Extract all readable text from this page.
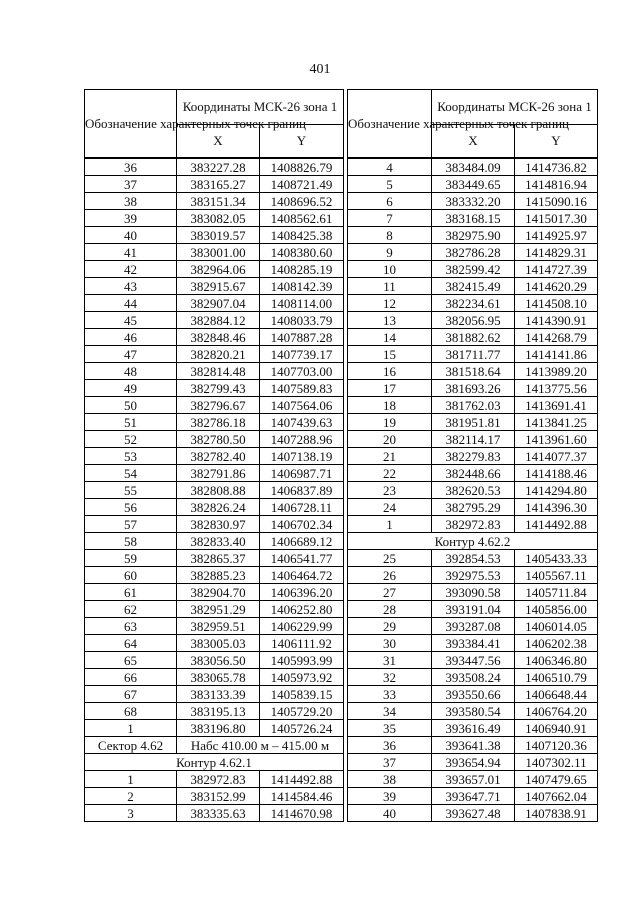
401
Обозначение характерных точек границ	Координаты МСК-26 зона 1	
	X	Y
36	383227.28	1408826.79
37	383165.27	1408721.49
38	383151.34	1408696.52
39	383082.05	1408562.61
40	383019.57	1408425.38
41	383001.00	1408380.60
42	382964.06	1408285.19
43	382915.67	1408142.39
44	382907.04	1408114.00
45	382884.12	1408033.79
46	382848.46	1407887.28
47	382820.21	1407739.17
48	382814.48	1407703.00
49	382799.43	1407589.83
50	382796.67	1407564.06
51	382786.18	1407439.63
52	382780.50	1407288.96
53	382782.40	1407138.19
54	382791.86	1406987.71
55	382808.88	1406837.89
56	382826.24	1406728.11
57	382830.97	1406702.34
58	382833.40	1406689.12
59	382865.37	1406541.77
60	382885.23	1406464.72
61	382904.70	1406396.20
62	382951.29	1406252.80
63	382959.51	1406229.99
64	383005.03	1406111.92
65	383056.50	1405993.99
66	383065.78	1405973.92
67	383133.39	1405839.15
68	383195.13	1405729.20
1	383196.80	1405726.24
Сектор 4.62	Набс 410.00 м – 415.00 м	
Контур 4.62.1		
1	382972.83	1414492.88
2	383152.99	1414584.46
3	383335.63	1414670.98
Обозначение характерных точек границ	Координаты МСК-26 зона 1	
	X	Y
4	383484.09	1414736.82
5	383449.65	1414816.94
6	383332.20	1415090.16
7	383168.15	1415017.30
8	382975.90	1414925.97
9	382786.28	1414829.31
10	382599.42	1414727.39
11	382415.49	1414620.29
12	382234.61	1414508.10
13	382056.95	1414390.91
14	381882.62	1414268.79
15	381711.77	1414141.86
16	381518.64	1413989.20
17	381693.26	1413775.56
18	381762.03	1413691.41
19	381951.81	1413841.25
20	382114.17	1413961.60
21	382279.83	1414077.37
22	382448.66	1414188.46
23	382620.53	1414294.80
24	382795.29	1414396.30
1	382972.83	1414492.88
Контур 4.62.2		
25	392854.53	1405433.33
26	392975.53	1405567.11
27	393090.58	1405711.84
28	393191.04	1405856.00
29	393287.08	1406014.05
30	393384.41	1406202.38
31	393447.56	1406346.80
32	393508.24	1406510.79
33	393550.66	1406648.44
34	393580.54	1406764.20
35	393616.49	1406940.91
36	393641.38	1407120.36
37	393654.94	1407302.11
38	393657.01	1407479.65
39	393647.71	1407662.04
40	393627.48	1407838.91
